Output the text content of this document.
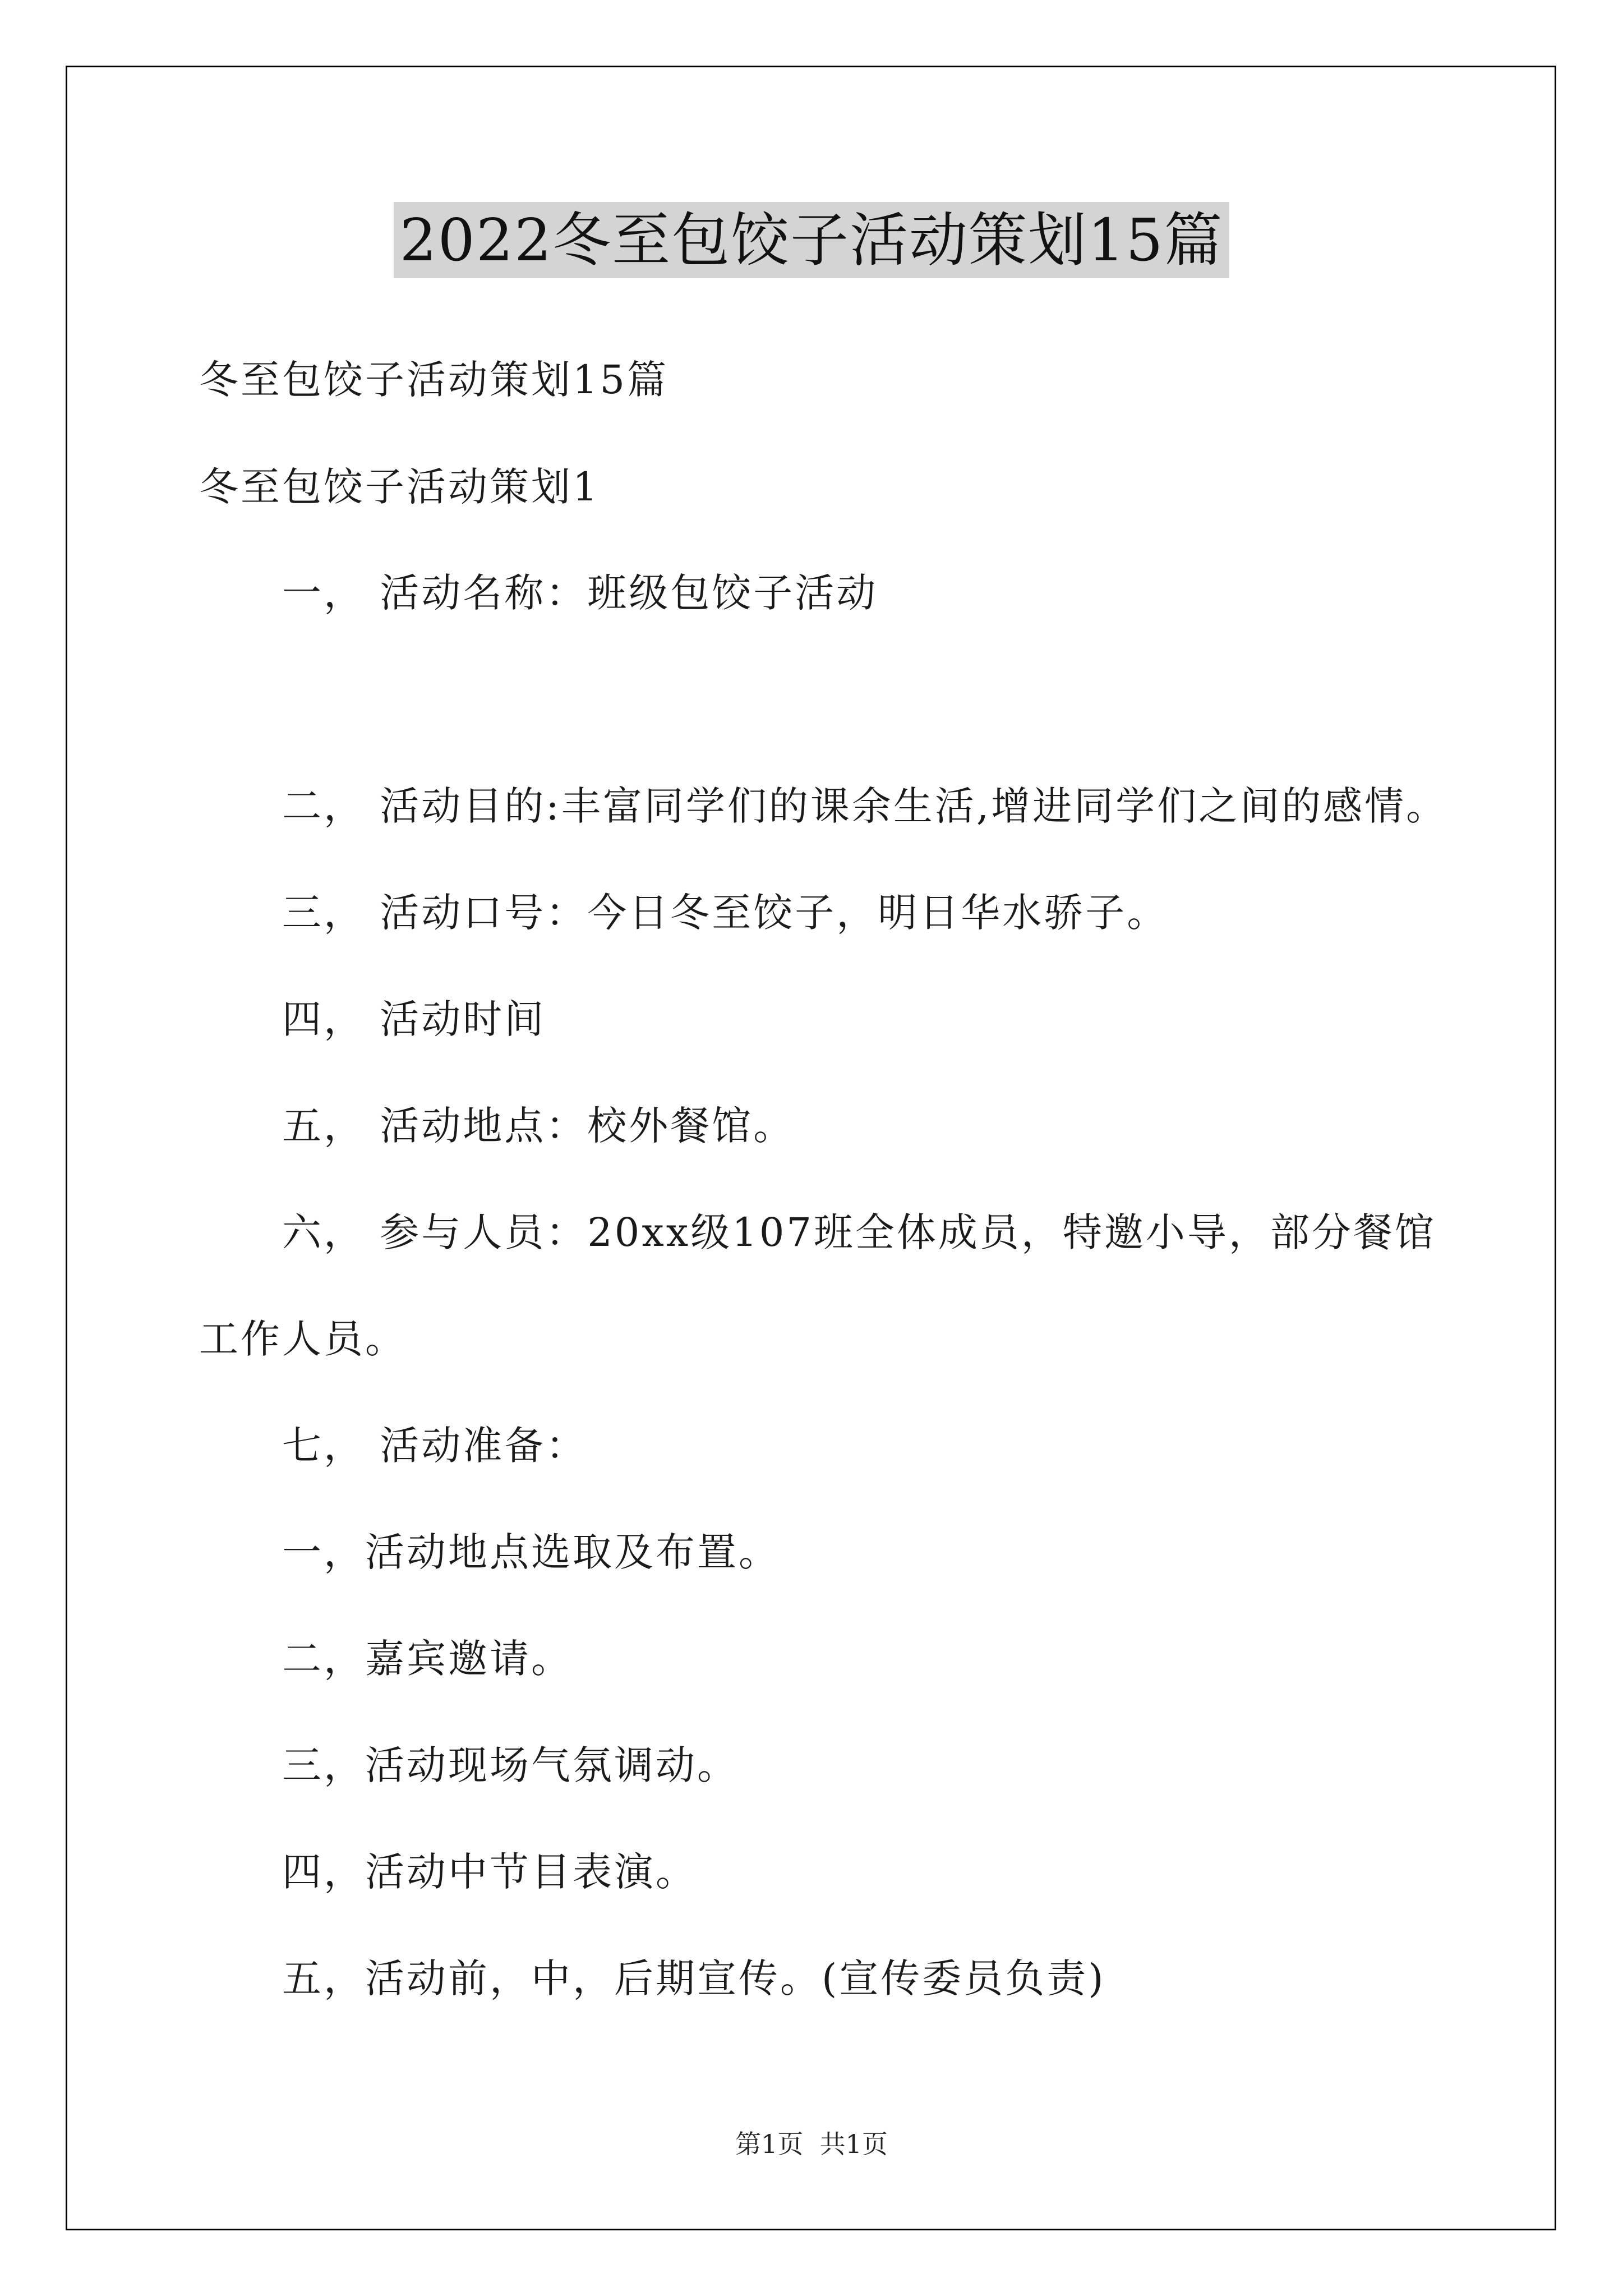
2022冬至包饺子活动策划15篇
冬至包饺子活动策划15篇
冬至包饺子活动策划1
一， 活动名称：班级包饺子活动
二， 活动目的:丰富同学们的课余生活,增进同学们之间的感情。
三， 活动口号：今日冬至饺子，明日华水骄子。
四， 活动时间
五， 活动地点：校外餐馆。
六， 参与人员：20xx级107班全体成员，特邀小导，部分餐馆
工作人员。
七， 活动准备：
一，活动地点选取及布置。
二，嘉宾邀请。
三，活动现场气氛调动。
四，活动中节目表演。
五，活动前，中，后期宣传。(宣传委员负责)
第1页  共1页
